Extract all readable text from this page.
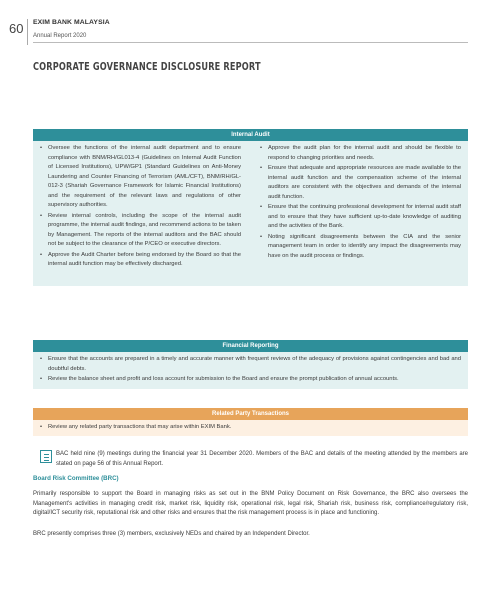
60 EXIM BANK MALAYSIA
Annual Report 2020
CORPORATE GOVERNANCE DISCLOSURE REPORT
Internal Audit
• Oversee the functions of the internal audit department and to ensure compliance with BNM/RH/GL013-4 (Guidelines on Internal Audit Function of Licensed Institutions), UPW/GP1 (Standard Guidelines on Anti-Money Laundering and Counter Financing of Terrorism (AML/CFT), BNM/RH/GL-012-3 (Shariah Governance Framework for Islamic Financial Institutions) and the requirement of the relevant laws and regulations of other supervisory authorities.
• Review internal controls, including the scope of the internal audit programme, the internal audit findings, and recommend actions to be taken by Management. The reports of the internal auditors and the BAC should not be subject to the clearance of the P/CEO or executive directors.
• Approve the Audit Charter before being endorsed by the Board so that the internal audit function may be effectively discharged.
• Approve the audit plan for the internal audit and should be flexible to respond to changing priorities and needs.
• Ensure that adequate and appropriate resources are made available to the internal audit function and the compensation scheme of the internal auditors are consistent with the objectives and demands of the internal audit function.
• Ensure that the continuing professional development for internal audit staff and to ensure that they have sufficient up-to-date knowledge of auditing and the activities of the Bank.
• Noting significant disagreements between the CIA and the senior management team in order to identify any impact the disagreements may have on the audit process or findings.
Financial Reporting
• Ensure that the accounts are prepared in a timely and accurate manner with frequent reviews of the adequacy of provisions against contingencies and bad and doubtful debts.
• Review the balance sheet and profit and loss account for submission to the Board and ensure the prompt publication of annual accounts.
Related Party Transactions
• Review any related party transactions that may arise within EXIM Bank.
BAC held nine (9) meetings during the financial year 31 December 2020. Members of the BAC and details of the meeting attended by the members are stated on page 56 of this Annual Report.
Board Risk Committee (BRC)
Primarily responsible to support the Board in managing risks as set out in the BNM Policy Document on Risk Governance, the BRC also oversees the Management's activities in managing credit risk, market risk, liquidity risk, operational risk, legal risk, Shariah risk, business risk, compliance/regulatory risk, digital/ICT security risk, reputational risk and other risks and ensures that the risk management process is in place and functioning.
BRC presently comprises three (3) members, exclusively NEDs and chaired by an Independent Director.
